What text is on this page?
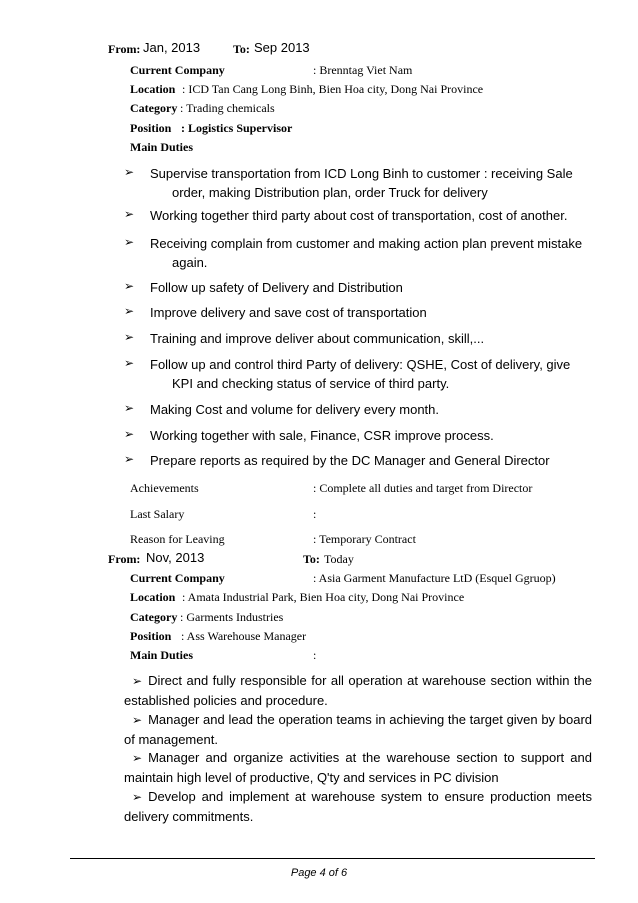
From: Jan, 2013	To: Sep 2013
Current Company	: Brenntag Viet Nam
Location : ICD Tan Cang Long Binh, Bien Hoa city, Dong Nai Province
Category : Trading chemicals
Position : Logistics Supervisor
Main Duties
➢ Supervise transportation from ICD Long Binh to customer : receiving Sale
order, making Distribution plan, order Truck for delivery
➢ Working together third party about cost of transportation, cost of another.
➢ Receiving complain from customer and making action plan prevent mistake
again.
➢ Follow up safety of Delivery and Distribution
➢ Improve delivery and save cost of transportation
➢ Training and improve deliver about communication, skill,...
➢ Follow up and control third Party of delivery: QSHE, Cost of delivery, give
KPI and checking status of service of third party.
➢ Making Cost and volume for delivery every month.
➢ Working together with sale, Finance, CSR improve process.
➢ Prepare reports as required by the DC Manager and General Director
Achievements	: Complete all duties and target from Director
Last Salary	:
Reason for Leaving	: Temporary Contract
From: Nov, 2013	To: Today
Current Company	: Asia Garment Manufacture LtD (Esquel Ggruop)
Location : Amata Industrial Park, Bien Hoa city, Dong Nai Province
Category : Garments Industries
Position : Ass Warehouse Manager
Main Duties	:
➢ Direct and fully responsible for all operation at warehouse section within the
established policies and procedure.
➢ Manager and lead the operation teams in achieving the target given by board
of management.
➢ Manager and organize activities at the warehouse section to support and
maintain high level of productive, Q'ty and services in PC division
➢ Develop and implement at warehouse system to ensure production meets
delivery commitments.
Page 4 of 6
